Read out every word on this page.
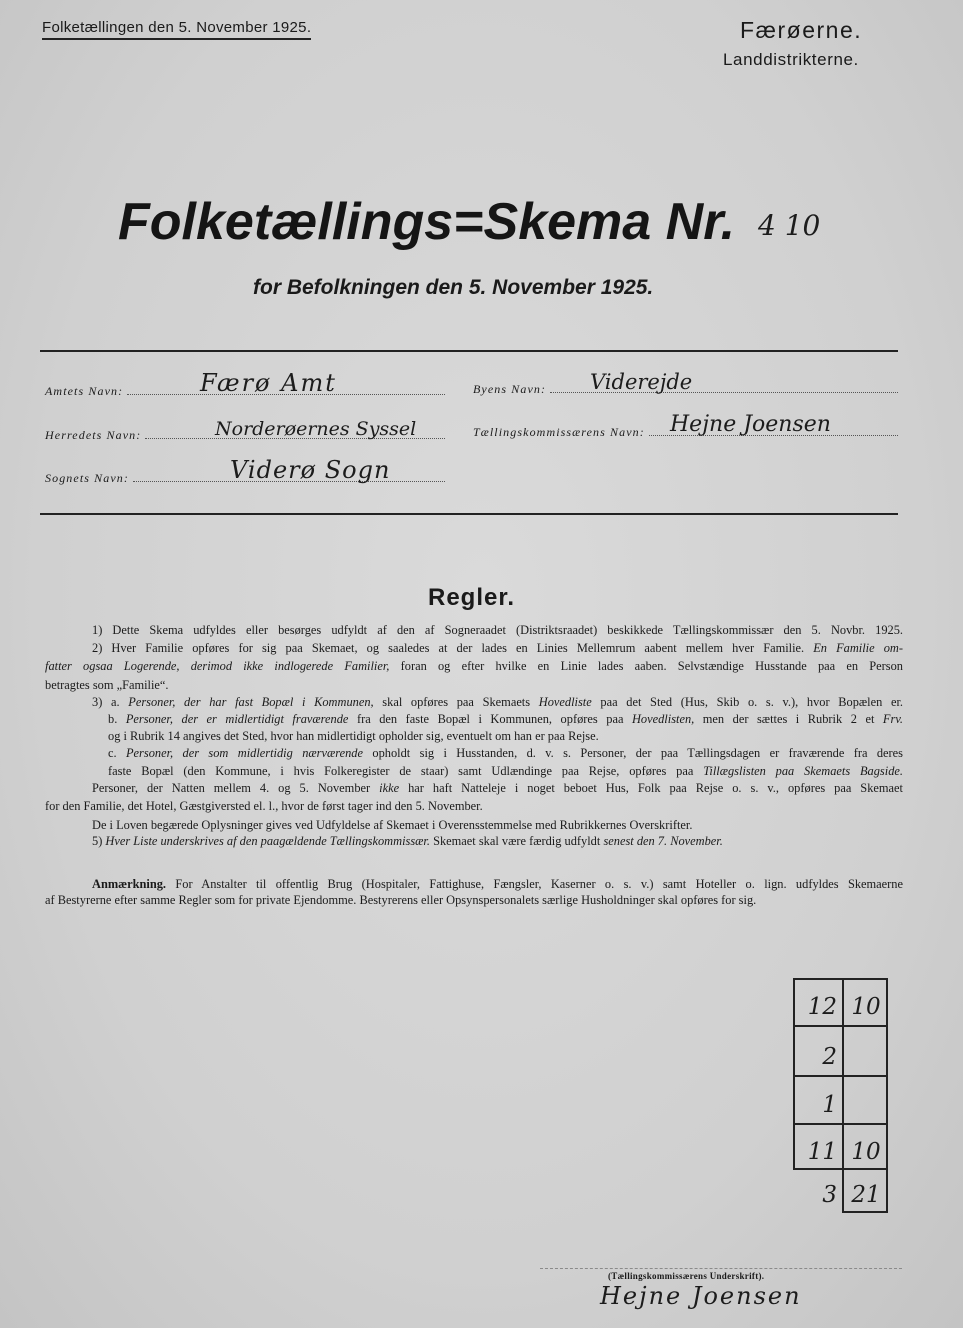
Folketællingen den 5. November 1925.	Færøerne.
Landdistrikterne.
Folketællings=Skema Nr. 4 10
for Befolkningen den 5. November 1925.
Amtets Navn:	Færø Amt	Byens Navn: Viderejde
Herredets Navn:	Norderøernes Syssel	Tællingskommissærens Navn: Hejne Joensen
Sognets Navn:	Viderø Sogn
Regler.
1) Dette Skema udfyldes eller besørges udfyldt af den af Sogneraadet (Distriktsraadet) beskikkede Tællingskommissær den 5. Novbr. 1925.
2) Hver Familie opføres for sig paa Skemaet, og saaledes at der lades en Linies Mellemrum aabent mellem hver Familie. En Familie om-
fatter ogsaa Logerende, derimod ikke indlogerede Familier, foran og efter hvilke en Linie lades aaben. Selvstændige Husstande paa en Person
betragtes som „Familie“.
3) a. Personer, der har fast Bopæl i Kommunen, skal opføres paa Skemaets Hovedliste paa det Sted (Hus, Skib o. s. v.), hvor Bopælen er.
b. Personer, der er midlertidigt fraværende fra den faste Bopæl i Kommunen, opføres paa Hovedlisten, men der sættes i Rubrik 2 et Frv.
og i Rubrik 14 angives det Sted, hvor han midlertidigt opholder sig, eventuelt om han er paa Rejse.
c. Personer, der som midlertidig nærværende opholdt sig i Husstanden, d. v. s. Personer, der paa Tællingsdagen er fraværende fra deres
faste Bopæl (den Kommune, i hvis Folkeregister de staar) samt Udlændinge paa Rejse, opføres paa Tillægslisten paa Skemaets Bagside.
Personer, der Natten mellem 4. og 5. November ikke har haft Natteleje i noget beboet Hus, Folk paa Rejse o. s. v., opføres paa Skemaet
for den Familie, det Hotel, Gæstgiversted el. l., hvor de først tager ind den 5. November.
De i Loven begærede Oplysninger gives ved Udfyldelse af Skemaet i Overensstemmelse med Rubrikkernes Overskrifter.
5) Hver Liste underskrives af den paagældende Tællingskommissær. Skemaet skal være færdig udfyldt senest den 7. November.
Anmærkning. For Anstalter til offentlig Brug (Hospitaler, Fattighuse, Fængsler, Kaserner o. s. v.) samt Hoteller o. lign. udfyldes Skemaerne
af Bestyrerne efter samme Regler som for private Ejendomme. Bestyrerens eller Opsynspersonalets særlige Husholdninger skal opføres for sig.
12 10
2
1
11 10
3 21
(Tællingskommissærens Underskrift).
Hejne Joensen
